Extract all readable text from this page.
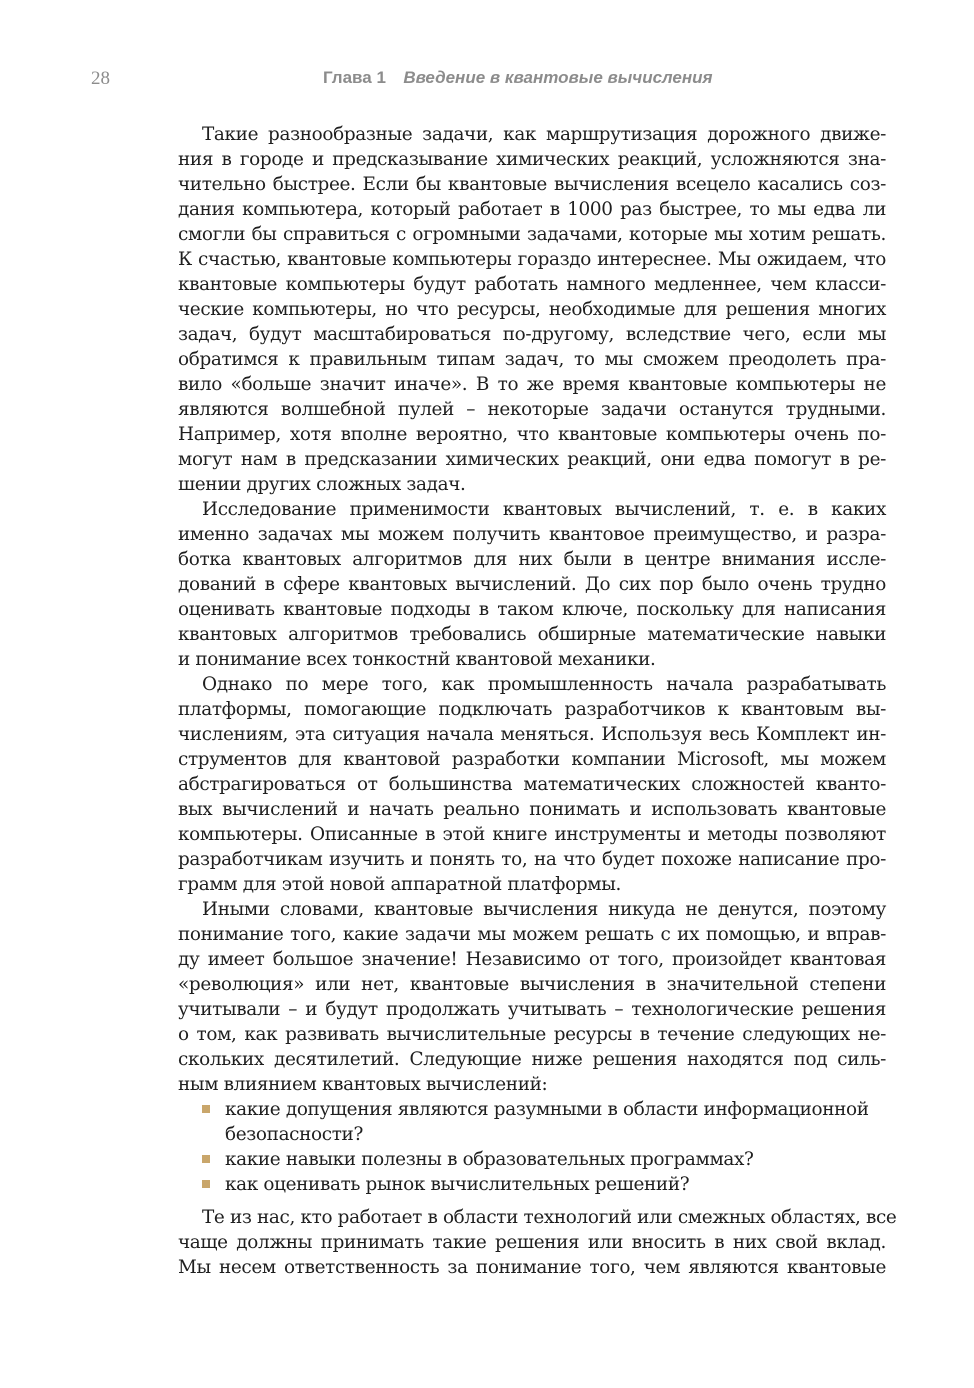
28	Глава 1 Введение в квантовые вычисления
Такие разнообразные задачи, как маршрутизация дорожного движе-
ния в городе и предсказывание химических реакций, усложняются зна-
чительно быстрее. Если бы квантовые вычисления всецело касались соз-
дания компьютера, который работает в 1000 раз быстрее, то мы едва ли
смогли бы справиться с огромными задачами, которые мы хотим решать.
К счастью, квантовые компьютеры гораздо интереснее. Мы ожидаем, что
квантовые компьютеры будут работать намного медленнее, чем класси-
ческие компьютеры, но что ресурсы, необходимые для решения многих
задач, будут масштабироваться по-другому, вследствие чего, если мы
обратимся к правильным типам задач, то мы сможем преодолеть пра-
вило «больше значит иначе». В то же время квантовые компьютеры не
являются волшебной пулей – некоторые задачи останутся трудными.
Например, хотя вполне вероятно, что квантовые компьютеры очень по-
могут нам в предсказании химических реакций, они едва помогут в ре-
шении других сложных задач.
Исследование применимости квантовых вычислений, т. е. в каких
именно задачах мы можем получить квантовое преимущество, и разра-
ботка квантовых алгоритмов для них были в центре внимания иссле-
дований в сфере квантовых вычислений. До сих пор было очень трудно
оценивать квантовые подходы в таком ключе, поскольку для написания
квантовых алгоритмов требовались обширные математические навыки
и понимание всех тонкостнй квантовой механики.
Однако по мере того, как промышленность начала разрабатывать
платформы, помогающие подключать разработчиков к квантовым вы-
числениям, эта ситуация начала меняться. Используя весь Комплект ин-
струментов для квантовой разработки компании Microsoft, мы можем
абстрагироваться от большинства математических сложностей кванто-
вых вычислений и начать реально понимать и использовать квантовые
компьютеры. Описанные в этой книге инструменты и методы позволяют
разработчикам изучить и понять то, на что будет похоже написание про-
грамм для этой новой аппаратной платформы.
Иными словами, квантовые вычисления никуда не денутся, поэтому
понимание того, какие задачи мы можем решать с их помощью, и вправ-
ду имеет большое значение! Независимо от того, произойдет квантовая
«революция» или нет, квантовые вычисления в значительной степени
учитывали – и будут продолжать учитывать – технологические решения
о том, как развивать вычислительные ресурсы в течение следующих не-
скольких десятилетий. Следующие ниже решения находятся под силь-
ным влиянием квантовых вычислений:
какие допущения являются разумными в области информационной
безопасности?
какие навыки полезны в образовательных программах?
как оценивать рынок вычислительных решений?
Те из нас, кто работает в области технологий или смежных областях, все
чаще должны принимать такие решения или вносить в них свой вклад.
Мы несем ответственность за понимание того, чем являются квантовые
